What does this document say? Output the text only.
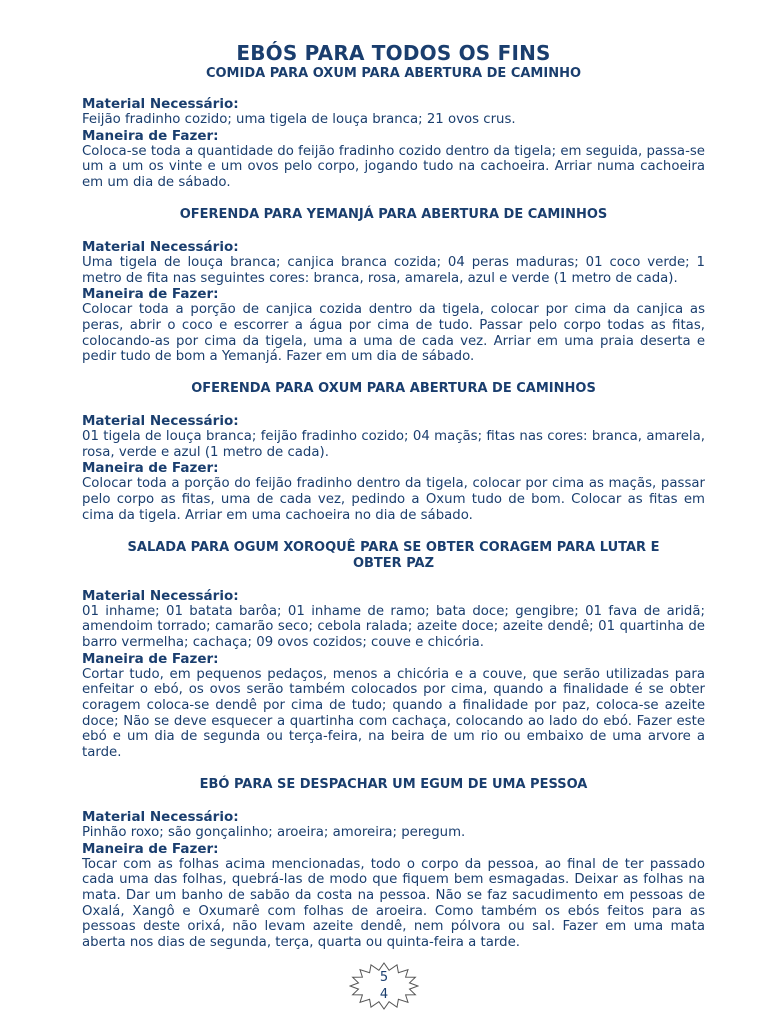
EBÓS PARA TODOS OS FINS

COMIDA PARA OXUM PARA ABERTURA DE CAMINHO

Material Necessário:

Feijão fradinho cozido; uma tigela de louça branca; 21 ovos crus.

Maneira de Fazer:

Coloca-se toda a quantidade do feijão fradinho cozido dentro da tigela; em seguida, passa-se um a um os vinte e um ovos pelo corpo, jogando tudo na cachoeira. Arriar numa cachoeira em um dia de sábado.

OFERENDA PARA YEMANJÁ PARA ABERTURA DE CAMINHOS

Material Necessário:

Uma tigela de louça branca; canjica branca cozida; 04 peras maduras; 01 coco verde; 1 metro de fita nas seguintes cores: branca, rosa, amarela, azul e verde (1 metro de cada).

Maneira de Fazer:

Colocar toda a porção de canjica cozida dentro da tigela, colocar por cima da canjica as peras, abrir o coco e escorrer a água por cima de tudo. Passar pelo corpo todas as fitas, colocando-as por cima da tigela, uma a uma de cada vez. Arriar em uma praia deserta e pedir tudo de bom a Yemanjá. Fazer em um dia de sábado.

OFERENDA PARA OXUM PARA ABERTURA DE CAMINHOS

Material Necessário:

01 tigela de louça branca; feijão fradinho cozido; 04 maçãs; fitas nas cores: branca, amarela, rosa, verde e azul (1 metro de cada).

Maneira de Fazer:

Colocar toda a porção do feijão fradinho dentro da tigela, colocar por cima as maçãs, passar pelo corpo as fitas, uma de cada vez, pedindo a Oxum tudo de bom. Colocar as fitas em cima da tigela. Arriar em uma cachoeira no dia de sábado.

SALADA PARA OGUM XOROQUÊ PARA SE OBTER CORAGEM PARA LUTAR E OBTER PAZ

Material Necessário:

01 inhame; 01 batata barôa; 01 inhame de ramo; bata doce; gengibre; 01 fava de aridã; amendoim torrado; camarão seco; cebola ralada; azeite doce; azeite dendê; 01 quartinha de barro vermelha; cachaça; 09 ovos cozidos; couve e chicória.

Maneira de Fazer:

Cortar tudo, em pequenos pedaços, menos a chicória e a couve, que serão utilizadas para enfeitar o ebó, os ovos serão também colocados por cima, quando a finalidade é se obter coragem coloca-se dendê por cima de tudo; quando a finalidade por paz, coloca-se azeite doce; Não se deve esquecer a quartinha com cachaça, colocando ao lado do ebó. Fazer este ebó e um dia de segunda ou terça-feira, na beira de um rio ou embaixo de uma arvore a tarde.

EBÓ PARA SE DESPACHAR UM EGUM DE UMA PESSOA

Material Necessário:

Pinhão roxo; são gonçalinho; aroeira; amoreira; peregum.

Maneira de Fazer:

Tocar com as folhas acima mencionadas, todo o corpo da pessoa, ao final de ter passado cada uma das folhas, quebrá-las de modo que fiquem bem esmagadas. Deixar as folhas na mata. Dar um banho de sabão da costa na pessoa. Não se faz sacudimento em pessoas de Oxalá, Xangô e Oxumarê com folhas de aroeira. Como também os ebós feitos para as pessoas deste orixá, não levam azeite dendê, nem pólvora ou sal. Fazer em uma mata aberta nos dias de segunda, terça, quarta ou quinta-feira a tarde.

5
4
